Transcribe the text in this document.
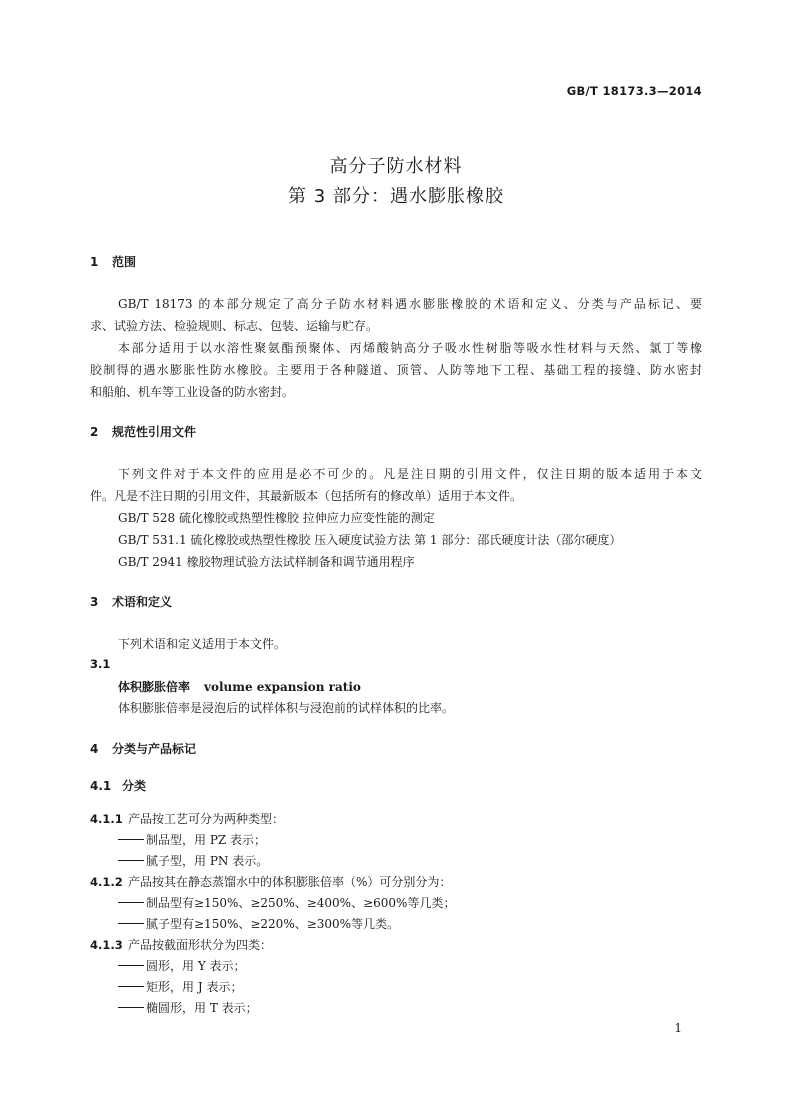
GB/T 18173.3—2014
高分子防水材料
第 3 部分：遇水膨胀橡胶
1 范围
GB/T 18173 的本部分规定了高分子防水材料遇水膨胀橡胶的术语和定义、分类与产品标记、要
求、试验方法、检验规则、标志、包装、运输与贮存。
本部分适用于以水溶性聚氨酯预聚体、丙烯酸钠高分子吸水性树脂等吸水性材料与天然、氯丁等橡
胶制得的遇水膨胀性防水橡胶。主要用于各种隧道、顶管、人防等地下工程、基础工程的接缝、防水密封
和船舶、机车等工业设备的防水密封。
2 规范性引用文件
下列文件对于本文件的应用是必不可少的。凡是注日期的引用文件，仅注日期的版本适用于本文
件。凡是不注日期的引用文件，其最新版本（包括所有的修改单）适用于本文件。
GB/T 528 硫化橡胶或热塑性橡胶 拉伸应力应变性能的测定
GB/T 531.1 硫化橡胶或热塑性橡胶 压入硬度试验方法 第 1 部分：邵氏硬度计法（邵尔硬度）
GB/T 2941 橡胶物理试验方法试样制备和调节通用程序
3 术语和定义
下列术语和定义适用于本文件。
3.1
体积膨胀倍率 volume expansion ratio
体积膨胀倍率是浸泡后的试样体积与浸泡前的试样体积的比率。
4 分类与产品标记
4.1 分类
4.1.1 产品按工艺可分为两种类型：
制品型，用 PZ 表示；
腻子型，用 PN 表示。
4.1.2 产品按其在静态蒸馏水中的体积膨胀倍率（%）可分别分为：
制品型有≥150%、≥250%、≥400%、≥600%等几类；
腻子型有≥150%、≥220%、≥300%等几类。
4.1.3 产品按截面形状分为四类：
圆形，用 Y 表示；
矩形，用 J 表示；
椭圆形，用 T 表示；
1
